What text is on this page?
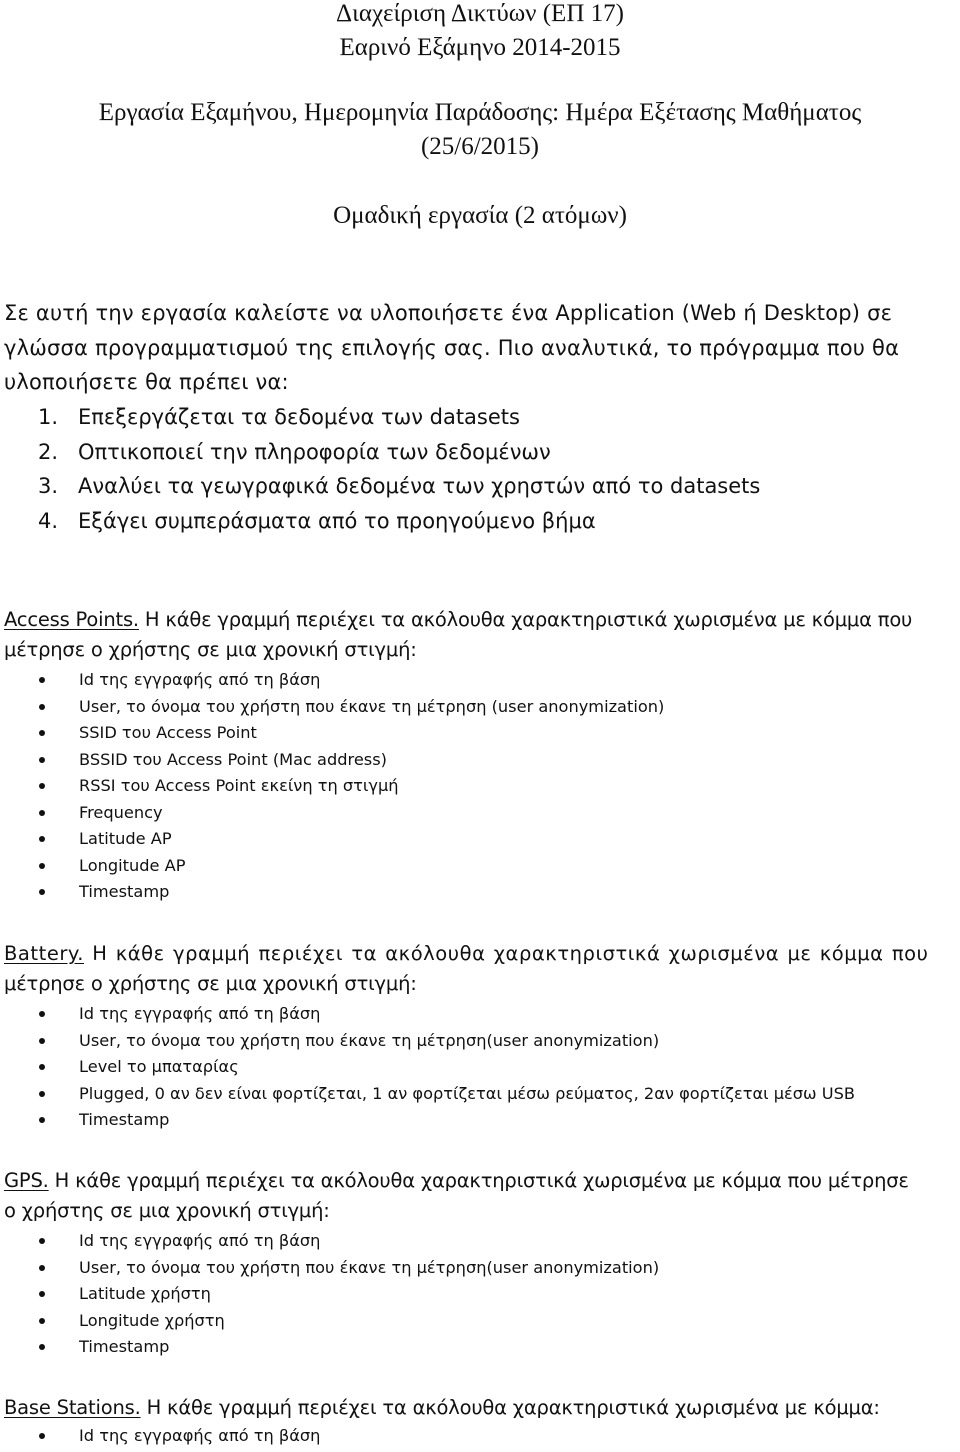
Διαχείριση Δικτύων (ΕΠ 17)
Εαρινό Εξάμηνο 2014-2015
Εργασία Εξαμήνου, Ημερομηνία Παράδοσης: Ημέρα Εξέτασης Μαθήματος
(25/6/2015)
Ομαδική εργασία (2 ατόμων)
Σε αυτή την εργασία καλείστε να υλοποιήσετε ένα Application (Web ή Desktop) σε
γλώσσα προγραμματισμού της επιλογής σας. Πιο αναλυτικά, το πρόγραμμα που θα
υλοποιήσετε θα πρέπει να:
1. Επεξεργάζεται τα δεδομένα των datasets
2. Οπτικοποιεί την πληροφορία των δεδομένων
3. Αναλύει τα γεωγραφικά δεδομένα των χρηστών από το datasets
4. Εξάγει συμπεράσματα από το προηγούμενο βήμα
Access Points. Η κάθε γραμμή περιέχει τα ακόλουθα χαρακτηριστικά χωρισμένα με κόμμα που
μέτρησε ο χρήστης σε μια χρονική στιγμή:
Id της εγγραφής από τη βάση
User, το όνομα του χρήστη που έκανε τη μέτρηση (user anonymization)
SSID του Access Point
BSSID του Access Point (Mac address)
RSSI του Access Point εκείνη τη στιγμή
Frequency
Latitude AP
Longitude AP
Timestamp
Battery. Η κάθε γραμμή περιέχει τα ακόλουθα χαρακτηριστικά χωρισμένα με κόμμα που
μέτρησε ο χρήστης σε μια χρονική στιγμή:
Id της εγγραφής από τη βάση
User, το όνομα του χρήστη που έκανε τη μέτρηση(user anonymization)
Level το μπαταρίας
Plugged, 0 αν δεν είναι φορτίζεται, 1 αν φορτίζεται μέσω ρεύματος, 2αν φορτίζεται μέσω USB
Timestamp
GPS. Η κάθε γραμμή περιέχει τα ακόλουθα χαρακτηριστικά χωρισμένα με κόμμα που μέτρησε
ο χρήστης σε μια χρονική στιγμή:
Id της εγγραφής από τη βάση
User, το όνομα του χρήστη που έκανε τη μέτρηση(user anonymization)
Latitude χρήστη
Longitude χρήστη
Timestamp
Base Stations. Η κάθε γραμμή περιέχει τα ακόλουθα χαρακτηριστικά χωρισμένα με κόμμα:
Id της εγγραφής από τη βάση
